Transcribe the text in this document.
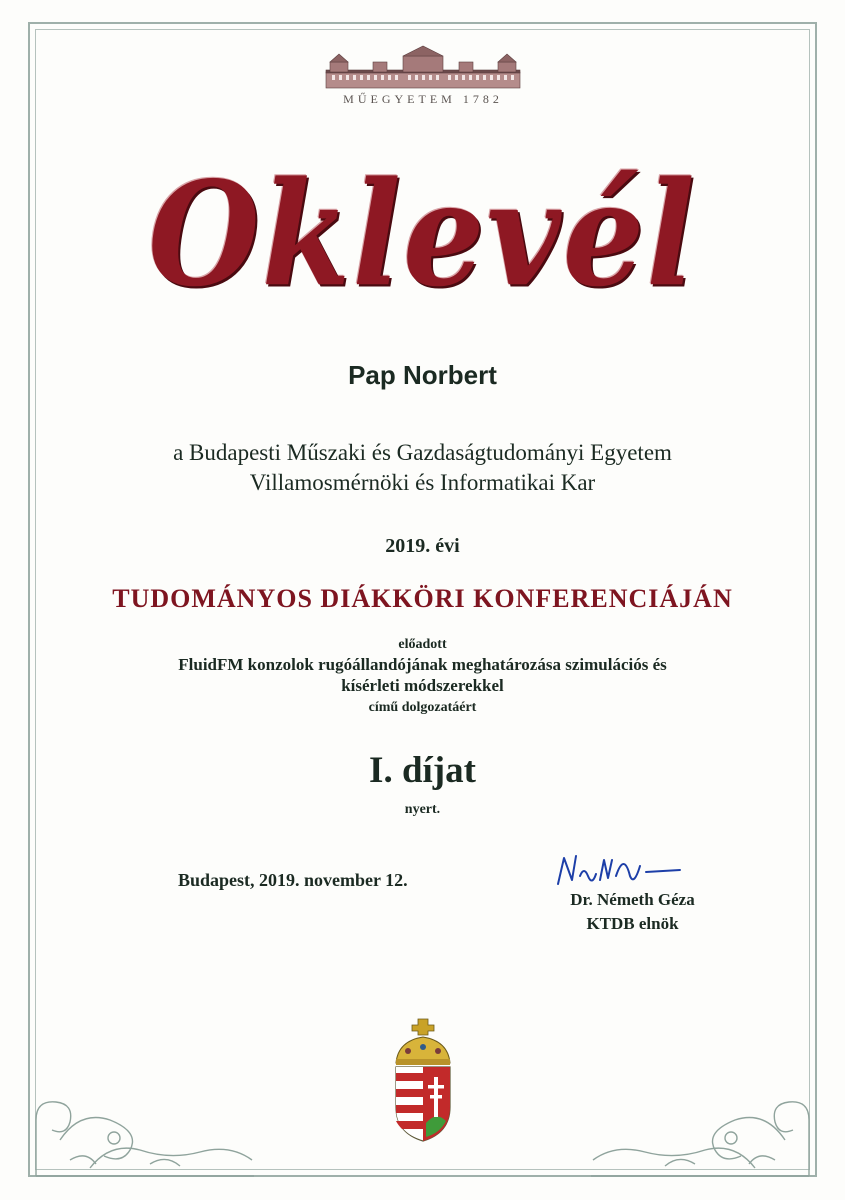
MŰEGYETEM 1782
Oklevél
Pap Norbert
a Budapesti Műszaki és Gazdaságtudományi Egyetem
Villamosmérnöki és Informatikai Kar
2019. évi
TUDOMÁNYOS DIÁKKÖRI KONFERENCIÁJÁN
előadott
FluidFM konzolok rugóállandójának meghatározása szimulációs és
kísérleti módszerekkel
című dolgozatáért
I. díjat
nyert.
Budapest, 2019. november 12.
Dr. Németh Géza
KTDB elnök
